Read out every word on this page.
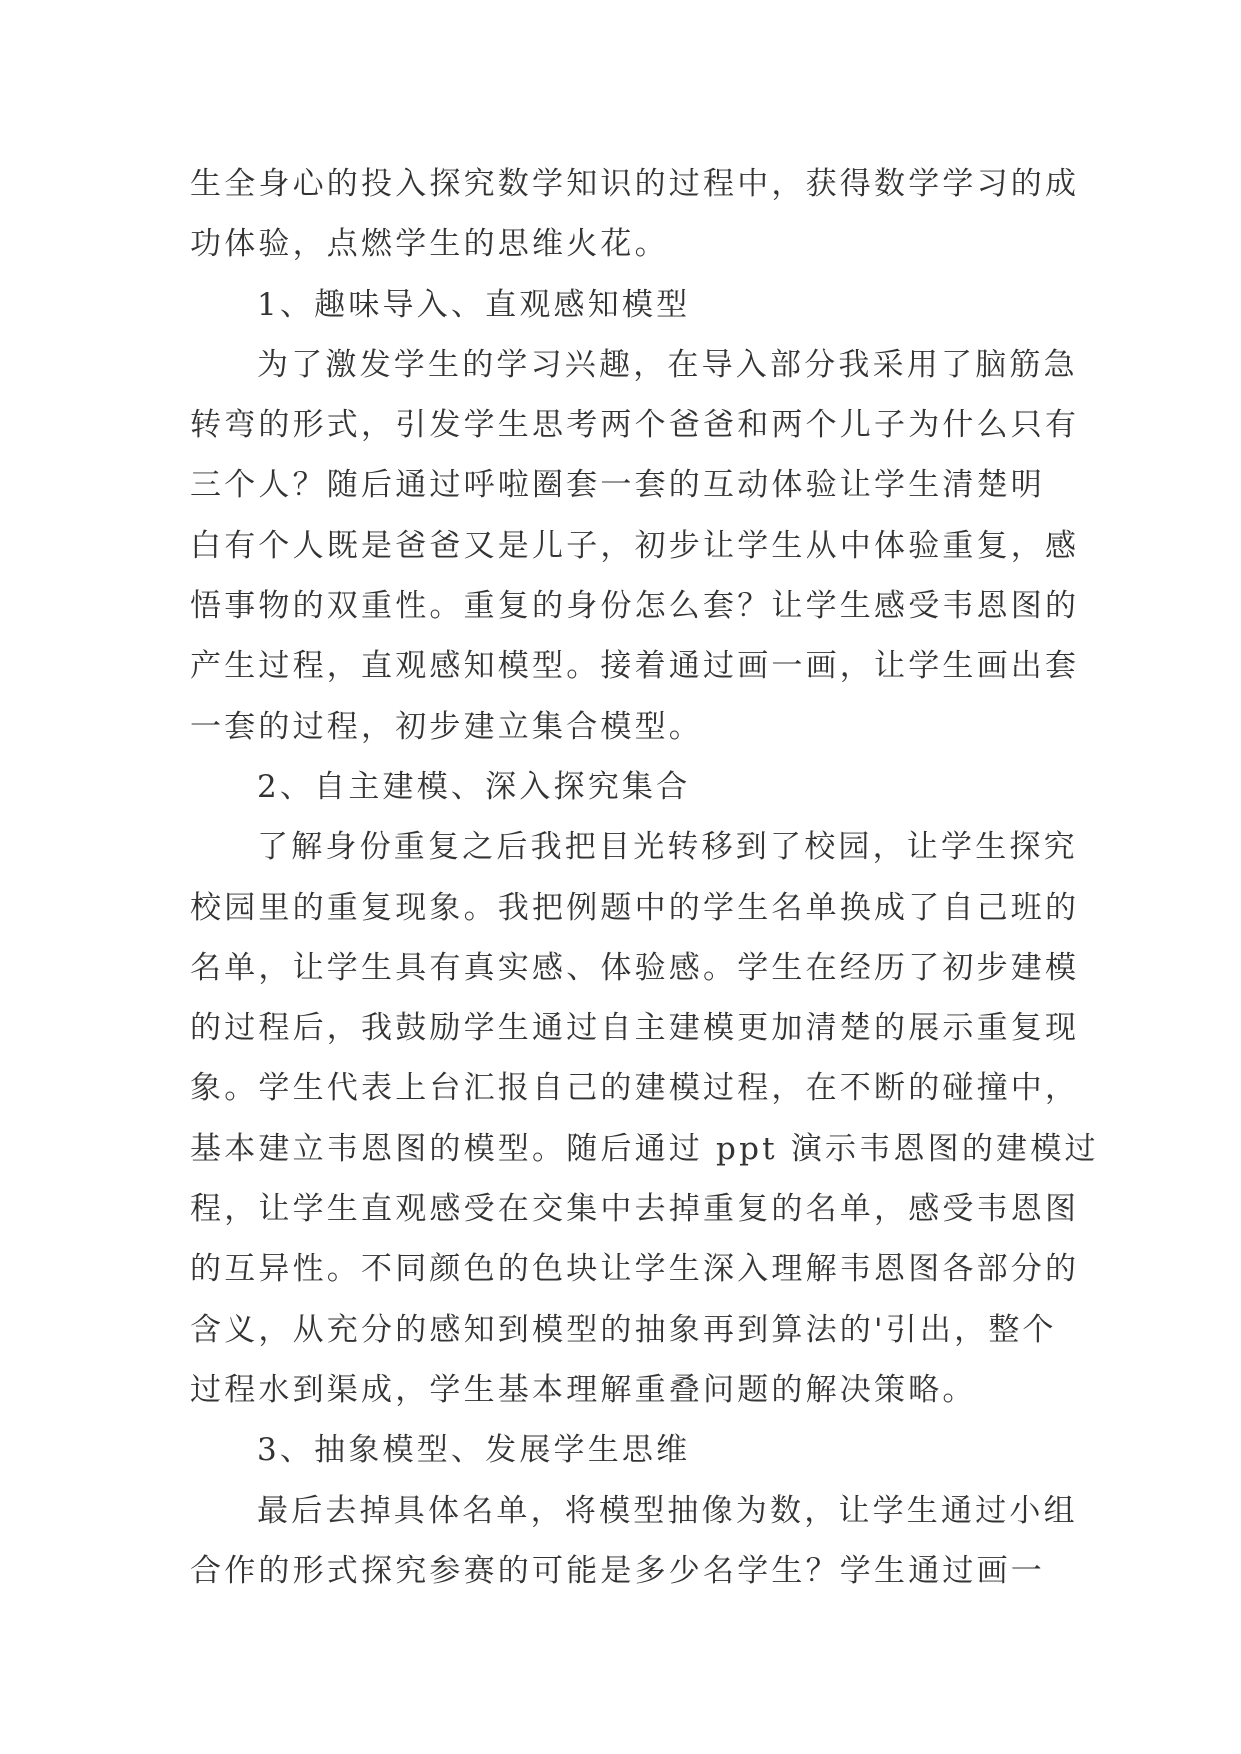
生全身心的投入探究数学知识的过程中，获得数学学习的成
功体验，点燃学生的思维火花。
1、趣味导入、直观感知模型
为了激发学生的学习兴趣，在导入部分我采用了脑筋急
转弯的形式，引发学生思考两个爸爸和两个儿子为什么只有
三个人？随后通过呼啦圈套一套的互动体验让学生清楚明
白有个人既是爸爸又是儿子，初步让学生从中体验重复，感
悟事物的双重性。重复的身份怎么套？让学生感受韦恩图的
产生过程，直观感知模型。接着通过画一画，让学生画出套
一套的过程，初步建立集合模型。
2、自主建模、深入探究集合
了解身份重复之后我把目光转移到了校园，让学生探究
校园里的重复现象。我把例题中的学生名单换成了自己班的
名单，让学生具有真实感、体验感。学生在经历了初步建模
的过程后，我鼓励学生通过自主建模更加清楚的展示重复现
象。学生代表上台汇报自己的建模过程，在不断的碰撞中，
基本建立韦恩图的模型。随后通过 ppt 演示韦恩图的建模过
程，让学生直观感受在交集中去掉重复的名单，感受韦恩图
的互异性。不同颜色的色块让学生深入理解韦恩图各部分的
含义，从充分的感知到模型的抽象再到算法的'引出，整个
过程水到渠成，学生基本理解重叠问题的解决策略。
3、抽象模型、发展学生思维
最后去掉具体名单，将模型抽像为数，让学生通过小组
合作的形式探究参赛的可能是多少名学生？学生通过画一
